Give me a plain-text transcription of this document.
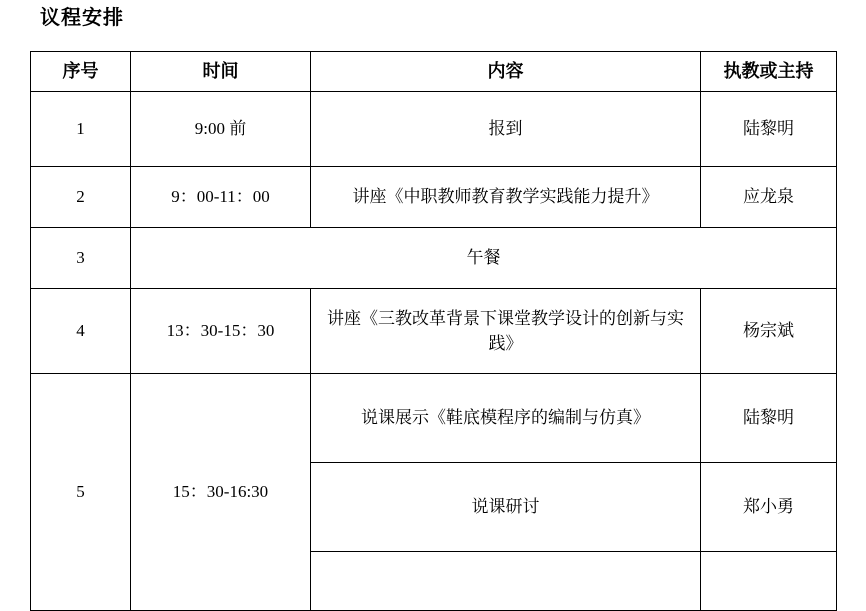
议程安排
序号	时间	内容	执教或主持
1	9:00 前	报到	陆黎明
2	9：00-11：00	讲座《中职教师教育教学实践能力提升》	应龙泉
3	午餐		
4	13：30-15：30	讲座《三教改革背景下课堂教学设计的创新与实践》	杨宗斌
5	15：30-16:30	说课展示《鞋底模程序的编制与仿真》	陆黎明
		说课研讨	郑小勇
